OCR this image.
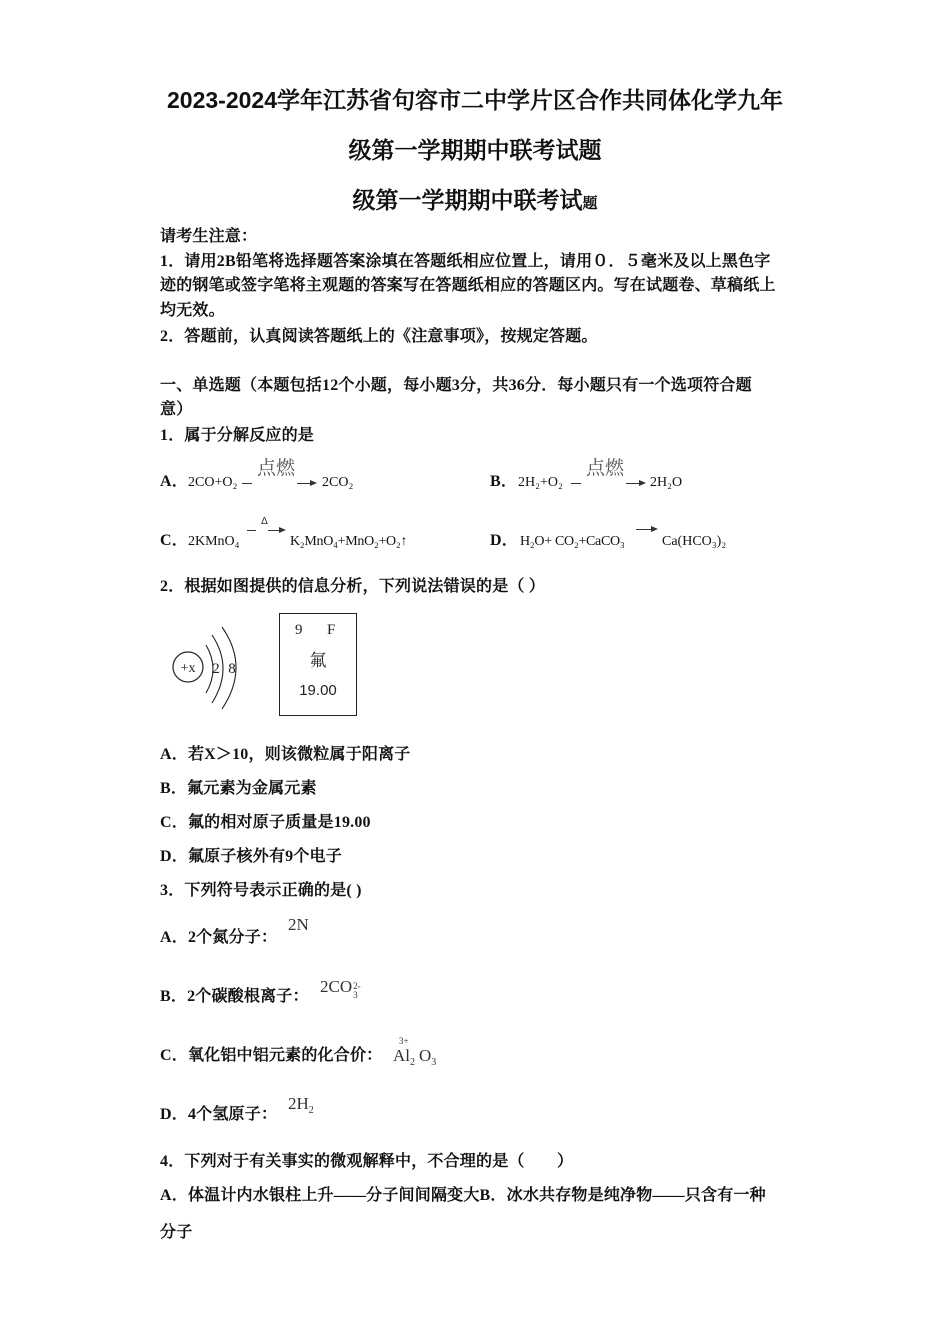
2023-2024学年江苏省句容市二中学片区合作共同体化学九年
级第一学期期中联考试题
级第一学期期中联考试题
请考生注意：
1．请用2B铅笔将选择题答案涂填在答题纸相应位置上，请用０．５毫米及以上黑色字
迹的钢笔或签字笔将主观题的答案写在答题纸相应的答题区内。写在试题卷、草稿纸上
均无效。
2．答题前，认真阅读答题纸上的《注意事项》，按规定答题。
一、单选题（本题包括12个小题，每小题3分，共36分．每小题只有一个选项符合题
意）
1．属于分解反应的是
A． 2CO+O₂
点燃
→ 2CO₂	B． 2H₂+O₂
点燃
→ 2H₂O
C． 2KMnO₄
Δ
K₂MnO₄+MnO₂+O₂↑	D． H₂O+ CO₂+CaCO₃	Ca(HCO₃)₂
2．根据如图提供的信息分析，下列说法错误的是（ ）
+x 2 8
9 F
氟
19.00
A．若X＞10，则该微粒属于阳离子
B．氟元素为金属元素
C．氟的相对原子质量是19.00
D．氟原子核外有9个电子
3．下列符号表示正确的是( )
A．2个氮分子：
2N
B．2个碳酸根离子：
2CO 2-
3
C．氧化铝中铝元素的化合价：
3+
$Al_2$ $O_3$
D．4个氢原子：
$2H_2$
4．下列对于有关事实的微观解释中，不合理的是（　　）
A．体温计内水银柱上升——分子间间隔变大B．冰水共存物是纯净物——只含有一种
分子
